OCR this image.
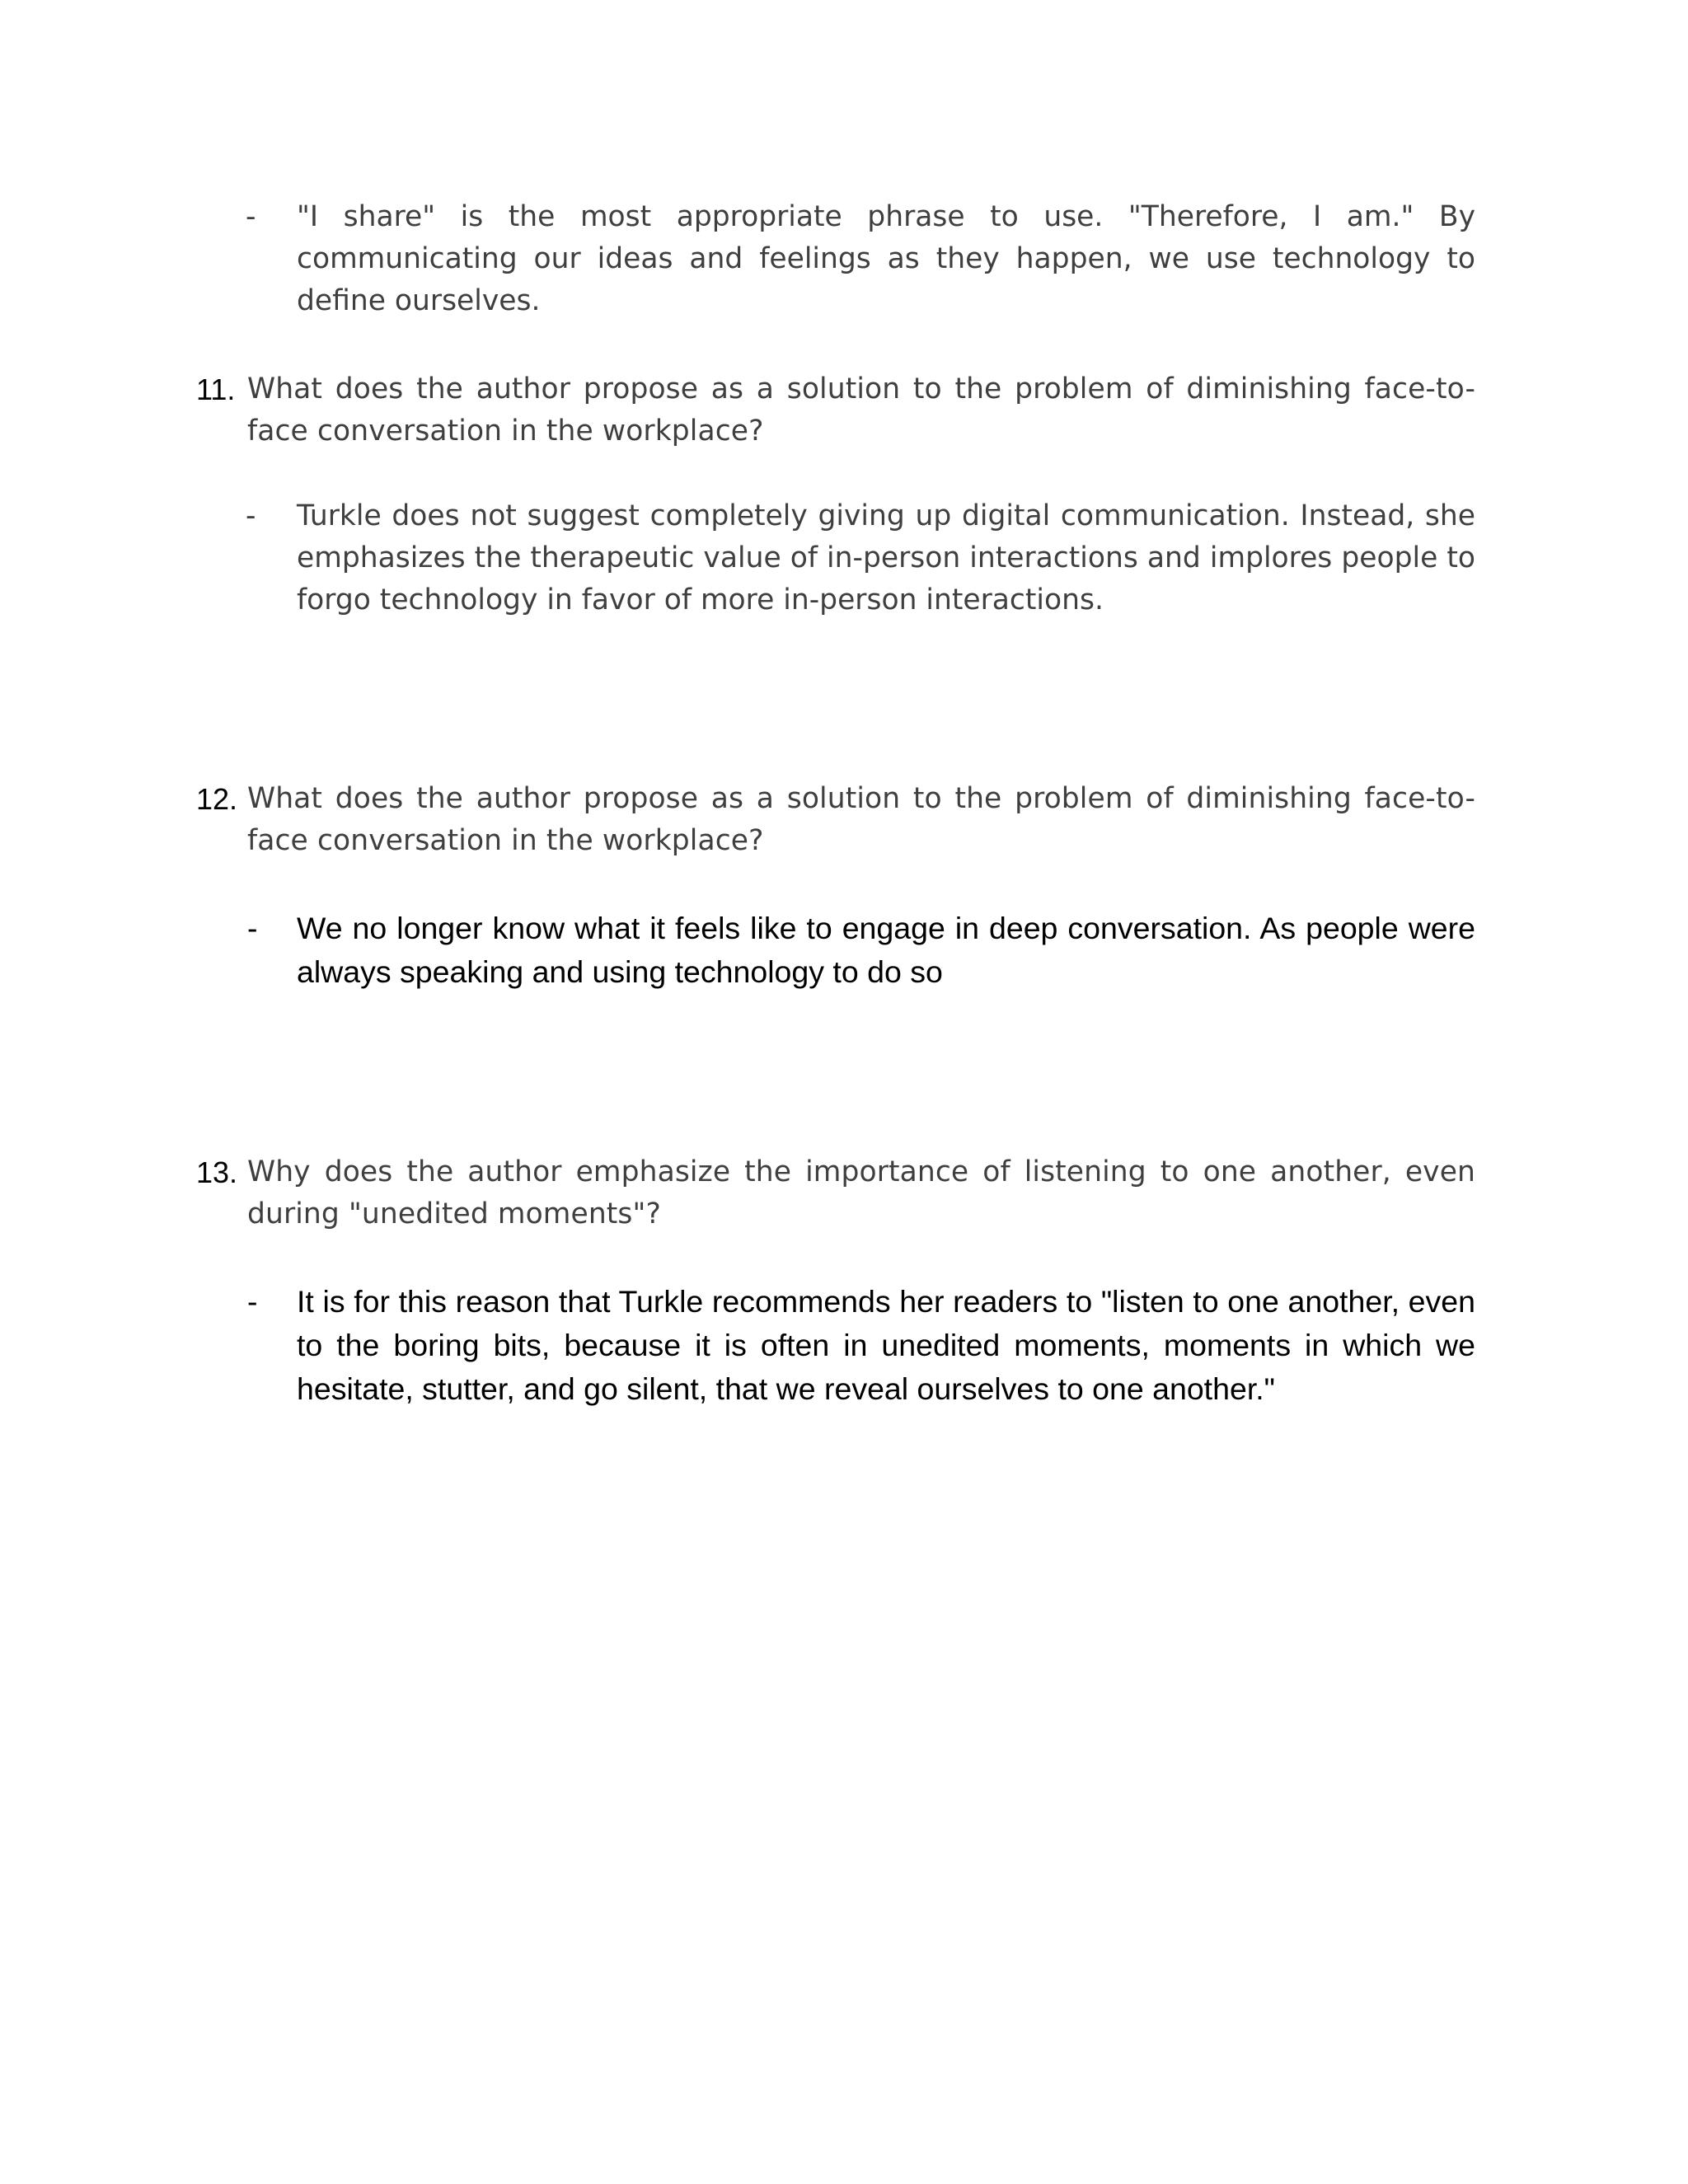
- "I share" is the most appropriate phrase to use. "Therefore, I am." By communicating our ideas and feelings as they happen, we use technology to define ourselves.
11. What does the author propose as a solution to the problem of diminishing face-to-face conversation in the workplace?
- Turkle does not suggest completely giving up digital communication. Instead, she emphasizes the therapeutic value of in-person interactions and implores people to forgo technology in favor of more in-person interactions.
12. What does the author propose as a solution to the problem of diminishing face-to-face conversation in the workplace?
- We no longer know what it feels like to engage in deep conversation. As people were always speaking and using technology to do so
13. Why does the author emphasize the importance of listening to one another, even during "unedited moments"?
- It is for this reason that Turkle recommends her readers to "listen to one another, even to the boring bits, because it is often in unedited moments, moments in which we hesitate, stutter, and go silent, that we reveal ourselves to one another."
